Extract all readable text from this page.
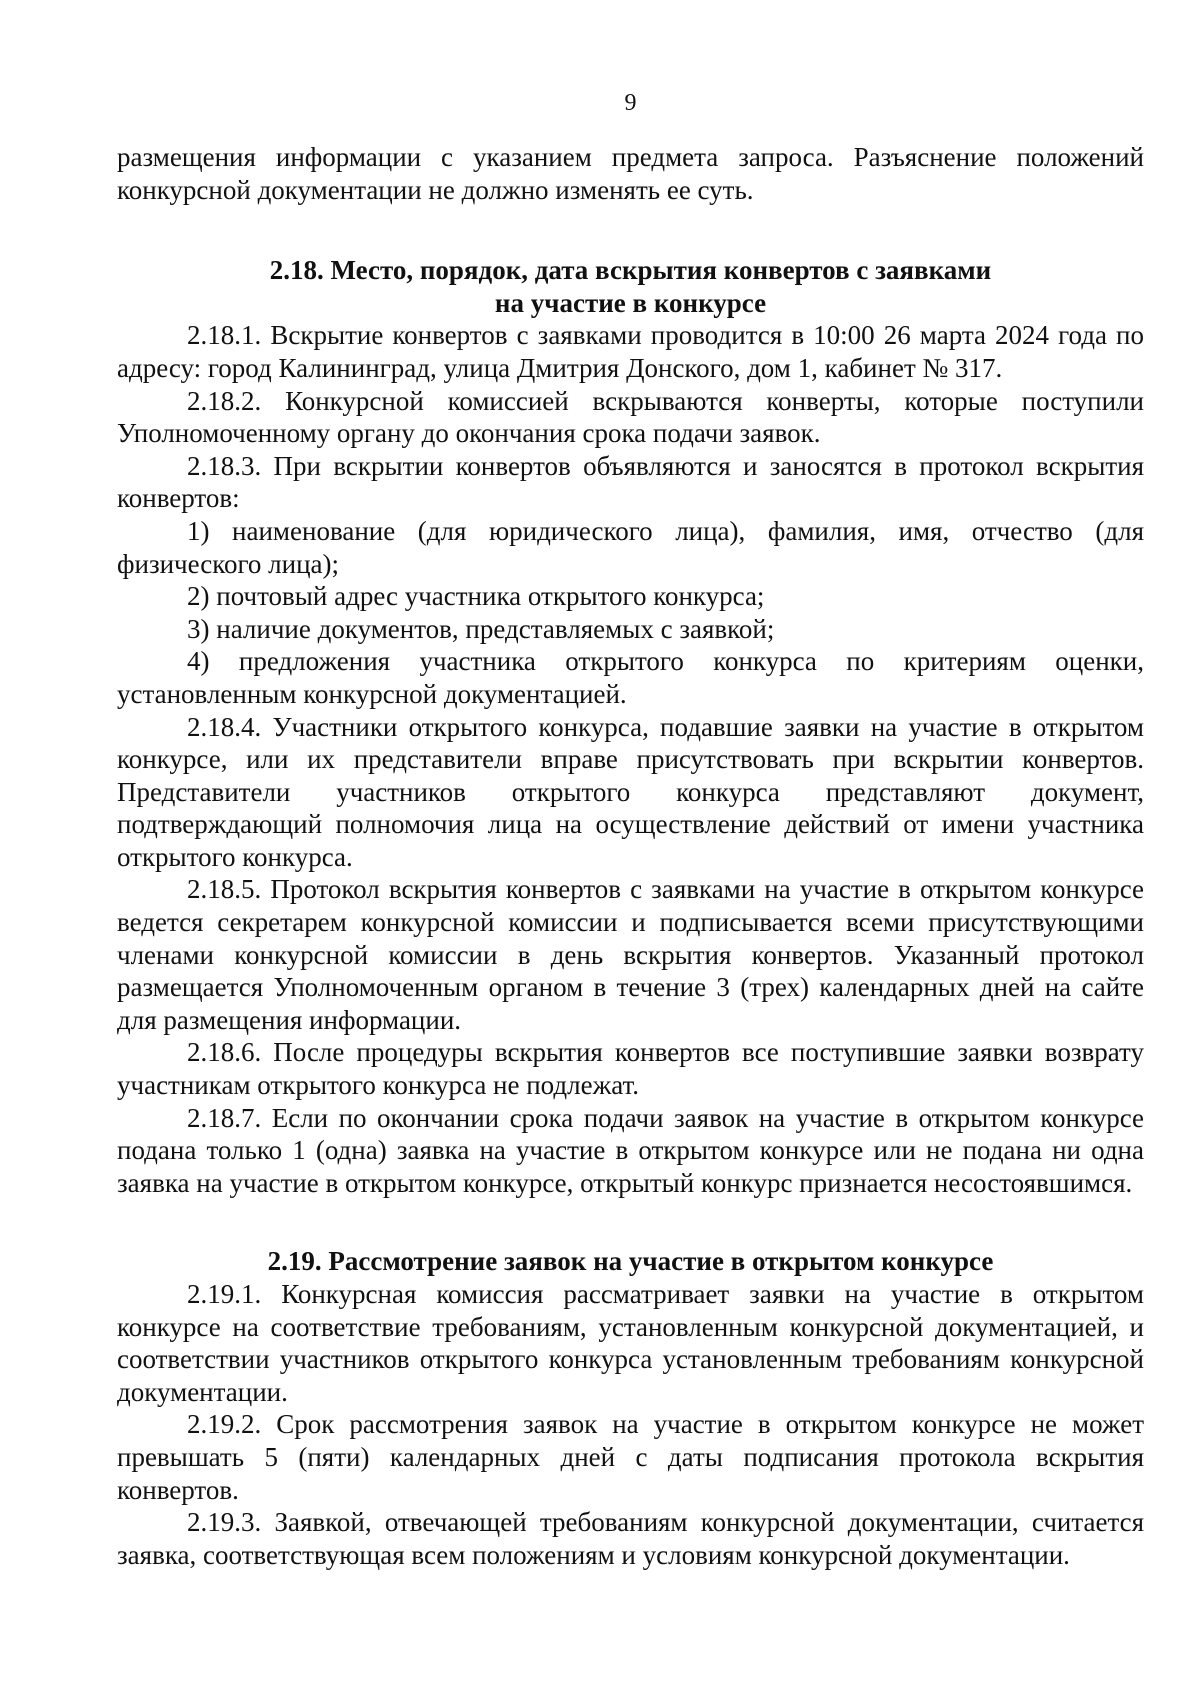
9

размещения информации с указанием предмета запроса. Разъяснение положений конкурсной документации не должно изменять ее суть.

2.18. Место, порядок, дата вскрытия конвертов с заявками
на участие в конкурсе

2.18.1. Вскрытие конвертов с заявками проводится в 10:00 26 марта 2024 года по адресу: город Калининград, улица Дмитрия Донского, дом 1, кабинет № 317.

2.18.2. Конкурсной комиссией вскрываются конверты, которые поступили Уполномоченному органу до окончания срока подачи заявок.

2.18.3. При вскрытии конвертов объявляются и заносятся в протокол вскрытия конвертов:

1) наименование (для юридического лица), фамилия, имя, отчество (для физического лица);

2) почтовый адрес участника открытого конкурса;

3) наличие документов, представляемых с заявкой;

4) предложения участника открытого конкурса по критериям оценки, установленным конкурсной документацией.

2.18.4. Участники открытого конкурса, подавшие заявки на участие в открытом конкурсе, или их представители вправе присутствовать при вскрытии конвертов. Представители участников открытого конкурса представляют документ, подтверждающий полномочия лица на осуществление действий от имени участника открытого конкурса.

2.18.5. Протокол вскрытия конвертов с заявками на участие в открытом конкурсе ведется секретарем конкурсной комиссии и подписывается всеми присутствующими членами конкурсной комиссии в день вскрытия конвертов. Указанный протокол размещается Уполномоченным органом в течение 3 (трех) календарных дней на сайте для размещения информации.

2.18.6. После процедуры вскрытия конвертов все поступившие заявки возврату участникам открытого конкурса не подлежат.

2.18.7. Если по окончании срока подачи заявок на участие в открытом конкурсе подана только 1 (одна) заявка на участие в открытом конкурсе или не подана ни одна заявка на участие в открытом конкурсе, открытый конкурс признается несостоявшимся.

2.19. Рассмотрение заявок на участие в открытом конкурсе

2.19.1. Конкурсная комиссия рассматривает заявки на участие в открытом конкурсе на соответствие требованиям, установленным конкурсной документацией, и соответствии участников открытого конкурса установленным требованиям конкурсной документации.

2.19.2. Срок рассмотрения заявок на участие в открытом конкурсе не может превышать 5 (пяти) календарных дней с даты подписания протокола вскрытия конвертов.

2.19.3. Заявкой, отвечающей требованиям конкурсной документации, считается заявка, соответствующая всем положениям и условиям конкурсной документации.
